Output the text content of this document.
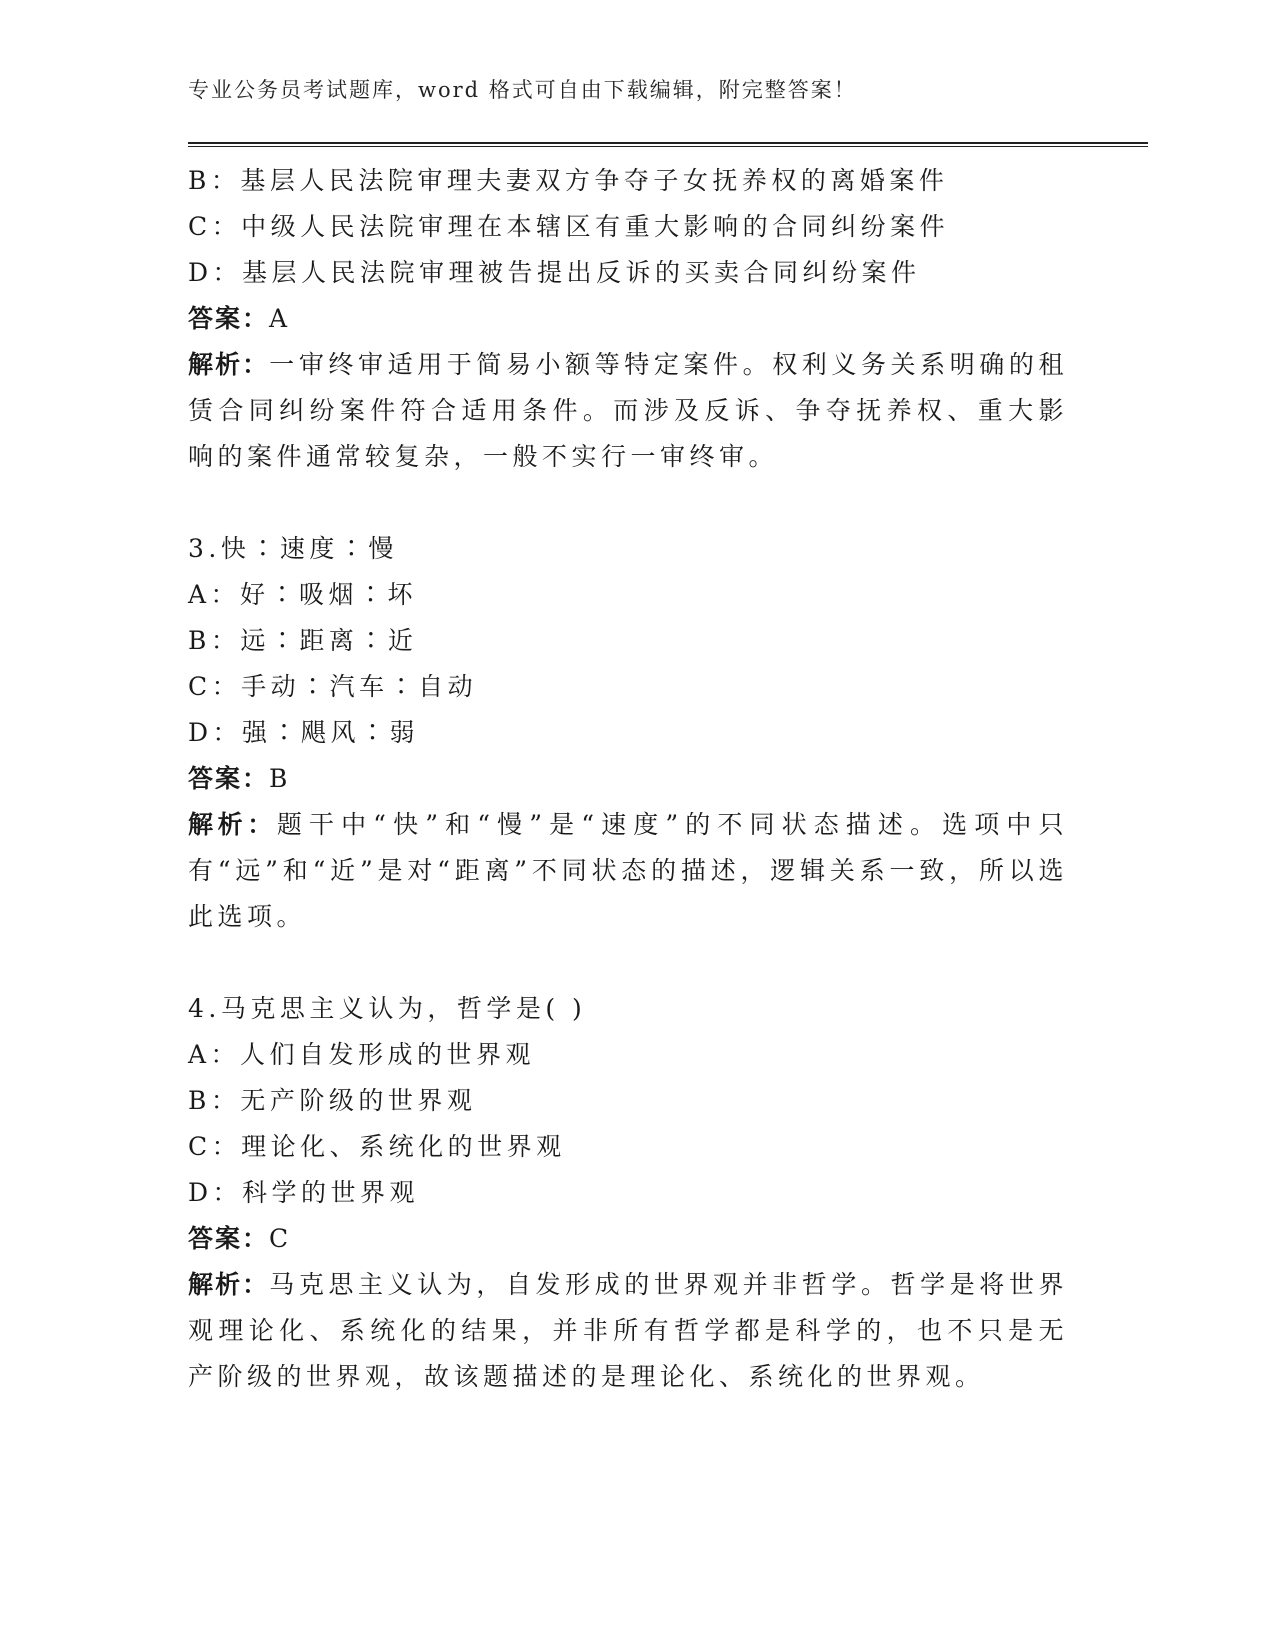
专业公务员考试题库，word 格式可自由下载编辑，附完整答案！
B：基层人民法院审理夫妻双方争夺子女抚养权的离婚案件
C：中级人民法院审理在本辖区有重大影响的合同纠纷案件
D：基层人民法院审理被告提出反诉的买卖合同纠纷案件
答案：A
解析：一审终审适用于简易小额等特定案件。权利义务关系明确的租赁合同纠纷案件符合适用条件。而涉及反诉、争夺抚养权、重大影响的案件通常较复杂，一般不实行一审终审。
3.快∶速度∶慢
A：好∶吸烟∶坏
B：远∶距离∶近
C：手动∶汽车∶自动
D：强∶飓风∶弱
答案：B
解析：题干中“快”和“慢”是“速度”的不同状态描述。选项中只有“远”和“近”是对“距离”不同状态的描述，逻辑关系一致，所以选此选项。
4.马克思主义认为，哲学是( )
A：人们自发形成的世界观
B：无产阶级的世界观
C：理论化、系统化的世界观
D：科学的世界观
答案：C
解析：马克思主义认为，自发形成的世界观并非哲学。哲学是将世界观理论化、系统化的结果，并非所有哲学都是科学的，也不只是无产阶级的世界观，故该题描述的是理论化、系统化的世界观。
